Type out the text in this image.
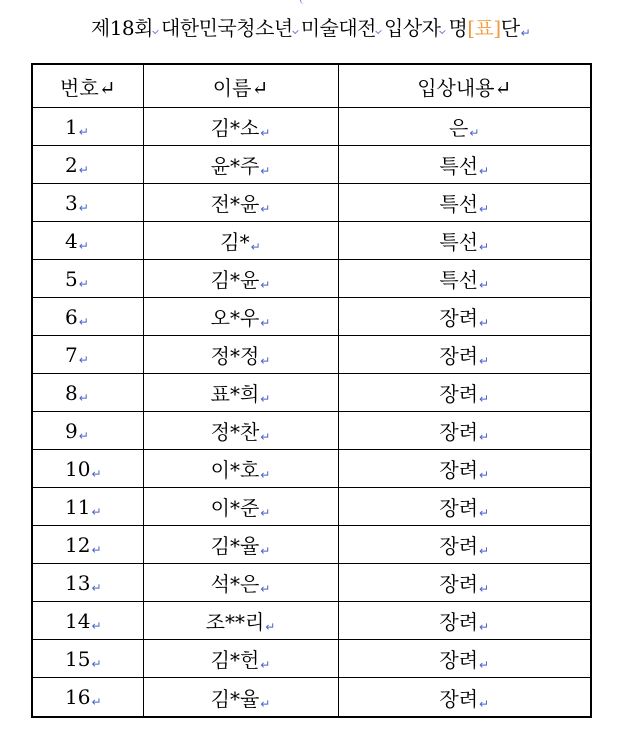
제18회 대한민국청소년 미술대전 입상자 명[표]단↵
번호↵	이름↵	입상내용↵
1↵	김*소↵	은↵
2↵	윤*주↵	특선↵
3↵	전*윤↵	특선↵
4↵	김*↵	특선↵
5↵	김*윤↵	특선↵
6↵	오*우↵	장려↵
7↵	정*정↵	장려↵
8↵	표*희↵	장려↵
9↵	정*찬↵	장려↵
10↵	이*호↵	장려↵
11↵	이*준↵	장려↵
12↵	김*율↵	장려↵
13↵	석*은↵	장려↵
14↵	조**리↵	장려↵
15↵	김*헌↵	장려↵
16↵	김*율↵	장려↵
